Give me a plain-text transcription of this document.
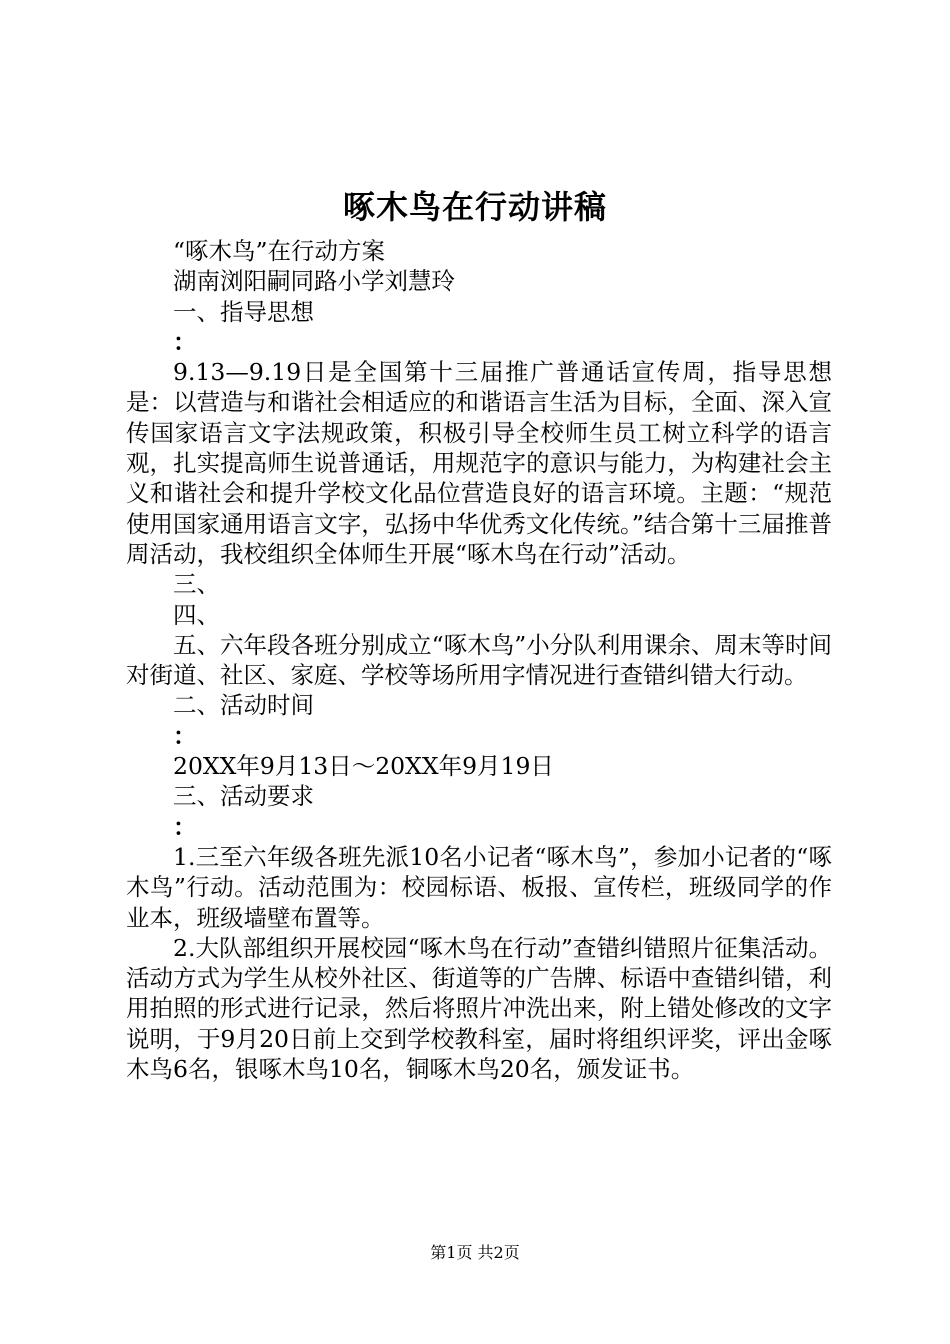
啄木鸟在行动讲稿

“啄木鸟”在行动方案

湖南浏阳嗣同路小学刘慧玲

一、指导思想

：

9.13—9.19日是全国第十三届推广普通话宣传周，指导思想是：以营造与和谐社会相适应的和谐语言生活为目标，全面、深入宣传国家语言文字法规政策，积极引导全校师生员工树立科学的语言观，扎实提高师生说普通话，用规范字的意识与能力，为构建社会主义和谐社会和提升学校文化品位营造良好的语言环境。主题：“规范使用国家通用语言文字，弘扬中华优秀文化传统。”结合第十三届推普周活动，我校组织全体师生开展“啄木鸟在行动”活动。

三、

四、

五、六年段各班分别成立“啄木鸟”小分队利用课余、周末等时间对街道、社区、家庭、学校等场所用字情况进行查错纠错大行动。

二、活动时间

：

20XX年9月13日～20XX年9月19日

三、活动要求

：

1.三至六年级各班先派10名小记者“啄木鸟”，参加小记者的“啄木鸟”行动。活动范围为：校园标语、板报、宣传栏，班级同学的作业本，班级墙壁布置等。

2.大队部组织开展校园“啄木鸟在行动”查错纠错照片征集活动。活动方式为学生从校外社区、街道等的广告牌、标语中查错纠错，利用拍照的形式进行记录，然后将照片冲洗出来，附上错处修改的文字说明，于9月20日前上交到学校教科室，届时将组织评奖，评出金啄木鸟6名，银啄木鸟10名，铜啄木鸟20名，颁发证书。

第1页 共2页
